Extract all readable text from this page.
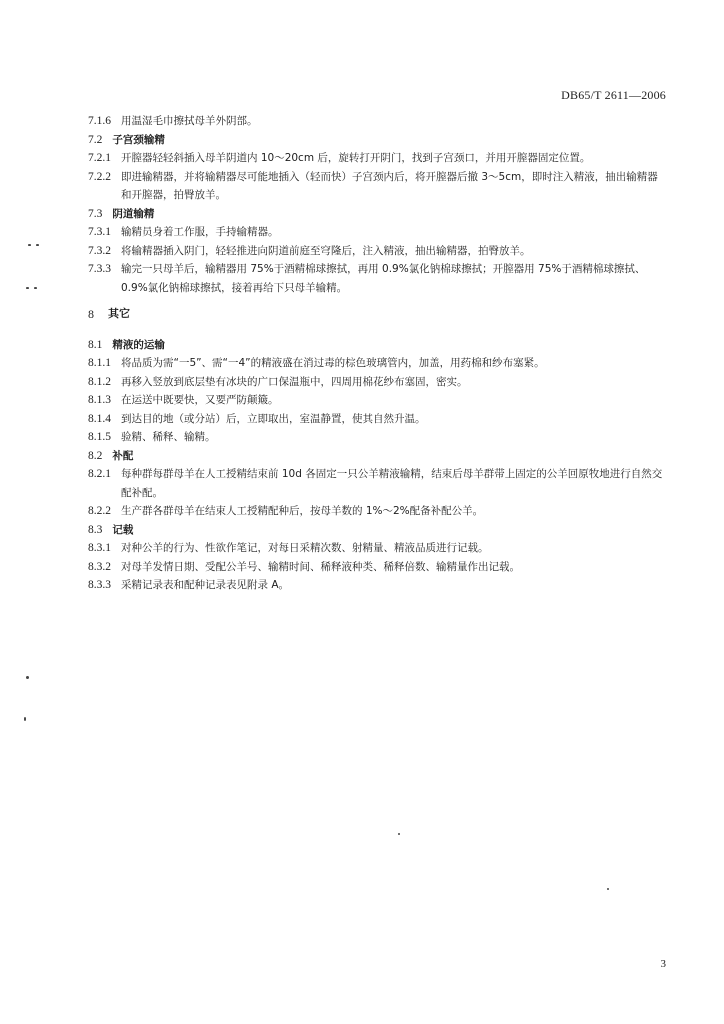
DB65/T 2611—2006
7.1.6 用温湿毛巾擦拭母羊外阴部。
7.2 子宫颈输精
7.2.1 开膣器轻轻斜插入母羊阴道内 10～20cm 后，旋转打开阴门，找到子宫颈口，并用开膣器固定位置。
7.2.2 即进输精器，并将输精器尽可能地插入（轻而快）子宫颈内后，将开膣器后撤 3～5cm，即时注入精液，抽出输精器和开膣器，拍臀放羊。
7.3 阴道输精
7.3.1 输精员身着工作服，手持输精器。
7.3.2 将输精器插入阴门，轻轻推进向阴道前庭至穹隆后，注入精液，抽出输精器，拍臀放羊。
7.3.3 输完一只母羊后，输精器用 75%于酒精棉球擦拭，再用 0.9%氯化钠棉球擦拭；开膣器用 75%于酒精棉球擦拭、0.9%氯化钠棉球擦拭，接着再给下只母羊输精。
8	其它
8.1 精液的运输
8.1.1 将品质为需“一5”、需“一4”的精液盛在消过毒的棕色玻璃管内，加盖，用药棉和纱布塞紧。
8.1.2 再移入竖放到底层垫有冰块的广口保温瓶中，四周用棉花纱布塞固，密实。
8.1.3 在运送中既要快，又要严防颠簸。
8.1.4 到达目的地（或分站）后，立即取出，室温静置，使其自然升温。
8.1.5 验精、稀释、输精。
8.2 补配
8.2.1 每种群每群母羊在人工授精结束前 10d 各固定一只公羊精液输精，结束后母羊群带上固定的公羊回原牧地进行自然交配补配。
8.2.2 生产群各群母羊在结束人工授精配种后，按母羊数的 1%～2%配备补配公羊。
8.3 记载
8.3.1 对种公羊的行为、性欲作笔记，对每日采精次数、射精量、精液品质进行记载。
8.3.2 对母羊发情日期、受配公羊号、输精时间、稀释液种类、稀释倍数、输精量作出记载。
8.3.3 采精记录表和配种记录表见附录 A。
3
